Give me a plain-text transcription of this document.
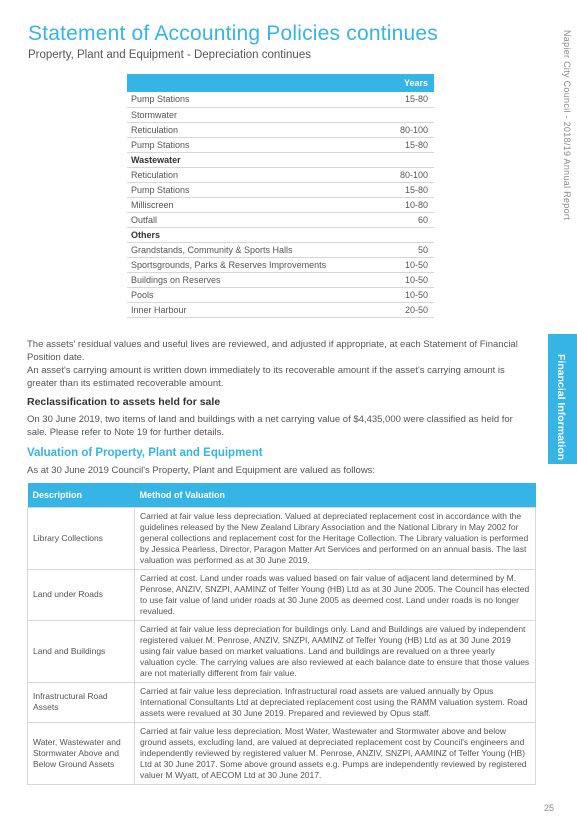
Statement of Accounting Policies continues
Property, Plant and Equipment - Depreciation continues	Napier City Council - 2018/19 Annual Report
Financial Information
	Years
Pump Stations	15-80
Stormwater	
Reticulation	80-100
Pump Stations	15-80
Wastewater	
Reticulation	80-100
Pump Stations	15-80
Milliscreen	10-80
Outfall	60
Others	
Grandstands, Community & Sports Halls	50
Sportsgrounds, Parks & Reserves Improvements	10-50
Buildings on Reserves	10-50
Pools	10-50
Inner Harbour	20-50
The assets' residual values and useful lives are reviewed, and adjusted if appropriate, at each Statement of Financial Position date.
An asset's carrying amount is written down immediately to its recoverable amount if the asset's carrying amount is greater than its estimated recoverable amount.
Reclassification to assets held for sale
On 30 June 2019, two items of land and buildings with a net carrying value of $4,435,000 were classified as held for sale. Please refer to Note 19 for further details.
Valuation of Property, Plant and Equipment
As at 30 June 2019 Council's Property, Plant and Equipment are valued as follows:
Description	Method of Valuation
Library Collections	Carried at fair value less depreciation. Valued at depreciated replacement cost in accordance with the guidelines released by the New Zealand Library Association and the National Library in May 2002 for general collections and replacement cost for the Heritage Collection. The Library valuation is performed by Jessica Pearless, Director, Paragon Matter Art Services and performed on an annual basis. The last valuation was performed as at 30 June 2019.
Land under Roads	Carried at cost. Land under roads was valued based on fair value of adjacent land determined by M. Penrose, ANZIV, SNZPI, AAMINZ of Telfer Young (HB) Ltd as at 30 June 2005. The Council has elected to use fair value of land under roads at 30 June 2005 as deemed cost. Land under roads is no longer revalued.
Land and Buildings	Carried at fair value less depreciation for buildings only. Land and Buildings are valued by independent registered valuer M. Penrose, ANZIV, SNZPI, AAMINZ of Telfer Young (HB) Ltd as at 30 June 2019 using fair value based on market valuations. Land and buildings are revalued on a three yearly valuation cycle. The carrying values are also reviewed at each balance date to ensure that those values are not materially different from fair value.
Infrastructural Road Assets	Carried at fair value less depreciation. Infrastructural road assets are valued annually by Opus International Consultants Ltd at depreciated replacement cost using the RAMM valuation system. Road assets were revalued at 30 June 2019. Prepared and reviewed by Opus staff.
Water, Wastewater and Stormwater Above and Below Ground Assets	Carried at fair value less depreciation. Most Water, Wastewater and Stormwater above and below ground assets, excluding land, are valued at depreciated replacement cost by Council's engineers and independently reviewed by registered valuer M. Penrose, ANZIV, SNZPI, AAMINZ of Telfer Young (HB) Ltd at 30 June 2017. Some above ground assets e.g. Pumps are independently reviewed by registered valuer M Wyatt, of AECOM Ltd at 30 June 2017.
25
